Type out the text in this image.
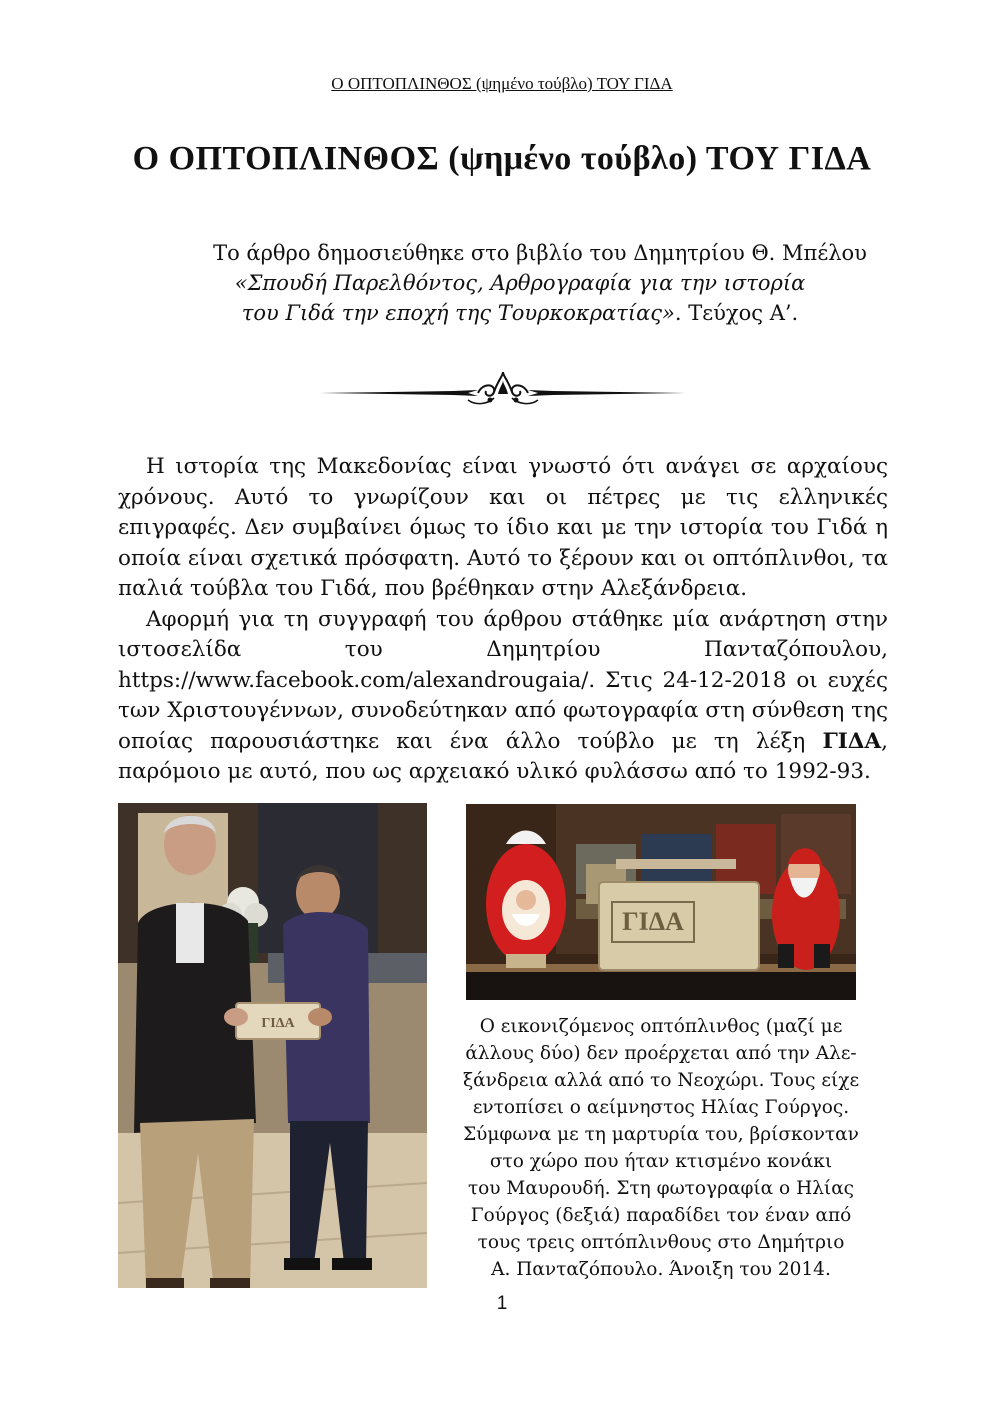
Ο ΟΠΤΟΠΛΙΝΘΟΣ (ψημένο τούβλο) ΤΟΥ ΓΙΔΑ
Ο ΟΠΤΟΠΛΙΝΘΟΣ (ψημένο τούβλο) ΤΟΥ ΓΙΔΑ
Το άρθρο δημοσιεύθηκε στο βιβλίο του Δημητρίου Θ. Μπέλου
«Σπουδή Παρελθόντος, Αρθρογραφία για την ιστορία
του Γιδά την εποχή της Τουρκοκρατίας». Τεύχος Α’.

Η ιστορία της Μακεδονίας είναι γνωστό ότι ανάγει σε αρχαίους χρόνους. Αυτό το γνωρίζουν και οι πέτρες με τις ελληνικές επιγραφές. Δεν συμβαίνει όμως το ίδιο και με την ιστορία του Γιδά η οποία είναι σχετικά πρόσφατη. Αυτό το ξέρουν και οι οπτόπλινθοι, τα παλιά τούβλα του Γιδά, που βρέθηκαν στην Αλεξάνδρεια.

Αφορμή για τη συγγραφή του άρθρου στάθηκε μία ανάρτηση στην ιστοσελίδα του Δημητρίου Πανταζόπουλου, https://www.facebook.com/alexandrougaia/. Στις 24-12-2018 οι ευχές των Χριστουγέννων, συνοδεύτηκαν από φωτογραφία στη σύνθεση της οποίας παρουσιάστηκε και ένα άλλο τούβλο με τη λέξη ΓΙΔΑ, παρόμοιο με αυτό, που ως αρχειακό υλικό φυλάσσω από το 1992-93.

ΓΙΔΑ
ΓΙΔΑ
Ο εικονιζόμενος οπτόπλινθος (μαζί με
άλλους δύο) δεν προέρχεται από την Αλε-
ξάνδρεια αλλά από το Νεοχώρι. Τους είχε
εντοπίσει ο αείμνηστος Ηλίας Γούργος.
Σύμφωνα με τη μαρτυρία του, βρίσκονταν
στο χώρο που ήταν κτισμένο κονάκι
του Μαυρουδή. Στη φωτογραφία ο Ηλίας
Γούργος (δεξιά) παραδίδει τον έναν από
τους τρεις οπτόπλινθους στο Δημήτριο
Α. Πανταζόπουλο. Άνοιξη του 2014.
1
